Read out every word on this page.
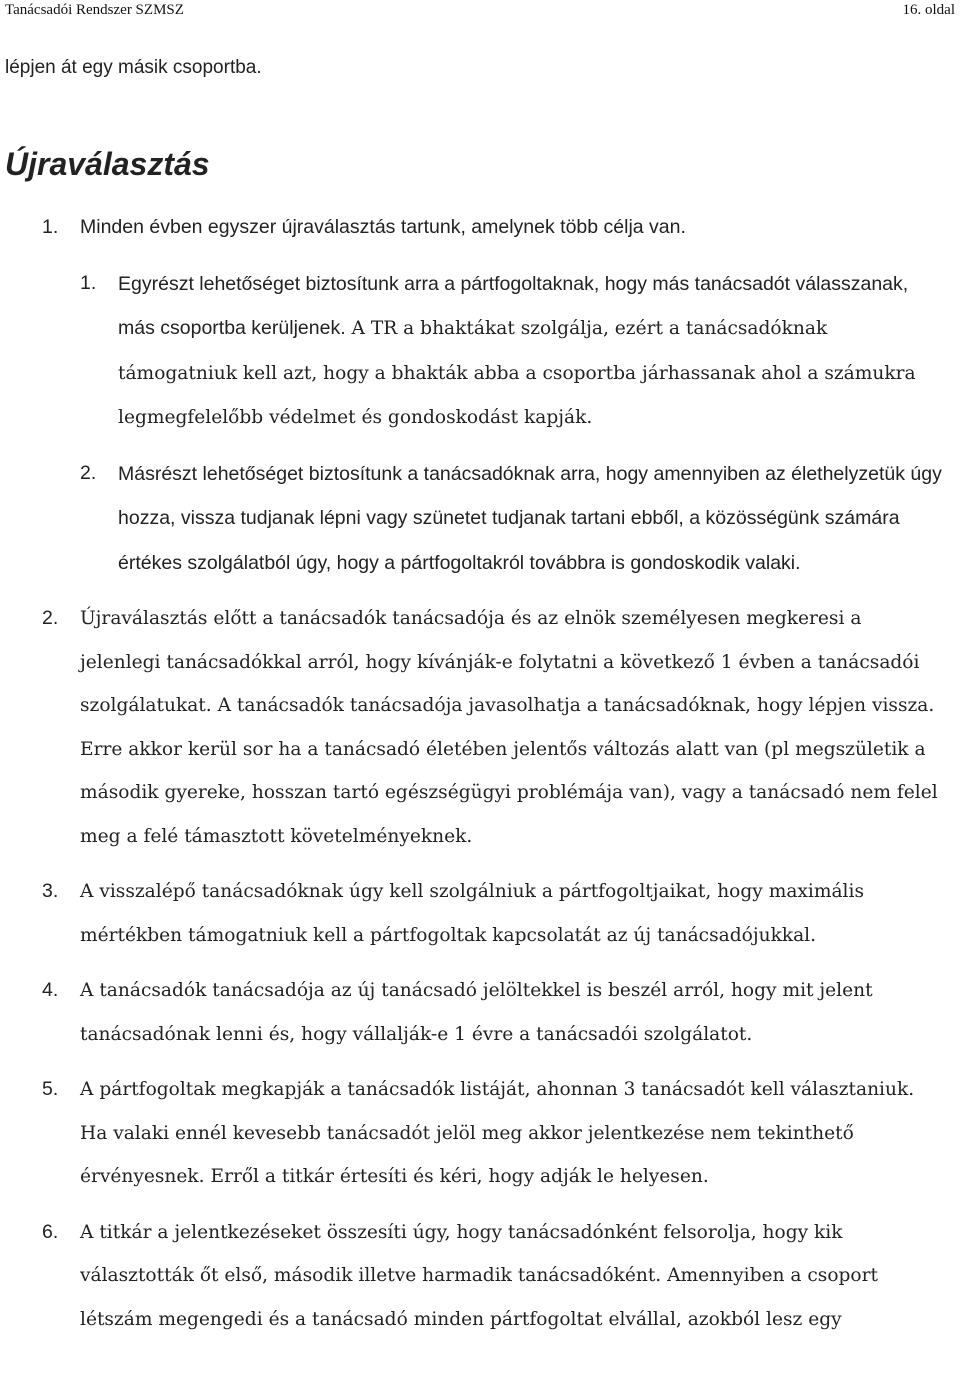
Tanácsadói Rendszer SZMSZ	16. oldal

lépjen át egy másik csoportba.

Újraválasztás
1. Minden évben egyszer újraválasztás tartunk, amelynek több célja van.
1. Egyrészt lehetőséget biztosítunk arra a pártfogoltaknak, hogy más tanácsadót válasszanak, más csoportba kerüljenek. A TR a bhaktákat szolgálja, ezért a tanácsadóknak támogatniuk kell azt, hogy a bhakták abba a csoportba járhassanak ahol a számukra legmegfelelőbb védelmet és gondoskodást kapják.
2. Másrészt lehetőséget biztosítunk a tanácsadóknak arra, hogy amennyiben az élethelyzetük úgy hozza, vissza tudjanak lépni vagy szünetet tudjanak tartani ebből, a közösségünk számára értékes szolgálatból úgy, hogy a pártfogoltakról továbbra is gondoskodik valaki.
2. Újraválasztás előtt a tanácsadók tanácsadója és az elnök személyesen megkeresi a jelenlegi tanácsadókkal arról, hogy kívánják-e folytatni a következő 1 évben a tanácsadói szolgálatukat. A tanácsadók tanácsadója javasolhatja a tanácsadóknak, hogy lépjen vissza. Erre akkor kerül sor ha a tanácsadó életében jelentős változás alatt van (pl megszületik a második gyereke, hosszan tartó egészségügyi problémája van), vagy a tanácsadó nem felel meg a felé támasztott követelményeknek.
3. A visszalépő tanácsadóknak úgy kell szolgálniuk a pártfogoltjaikat, hogy maximális mértékben támogatniuk kell a pártfogoltak kapcsolatát az új tanácsadójukkal.
4. A tanácsadók tanácsadója az új tanácsadó jelöltekkel is beszél arról, hogy mit jelent tanácsadónak lenni és, hogy vállalják-e 1 évre a tanácsadói szolgálatot.
5. A pártfogoltak megkapják a tanácsadók listáját, ahonnan 3 tanácsadót kell választaniuk. Ha valaki ennél kevesebb tanácsadót jelöl meg akkor jelentkezése nem tekinthető érvényesnek. Erről a titkár értesíti és kéri, hogy adják le helyesen.
6. A titkár a jelentkezéseket összesíti úgy, hogy tanácsadónként felsorolja, hogy kik választották őt első, második illetve harmadik tanácsadóként. Amennyiben a csoport létszám megengedi és a tanácsadó minden pártfogoltat elvállal, azokból lesz egy
